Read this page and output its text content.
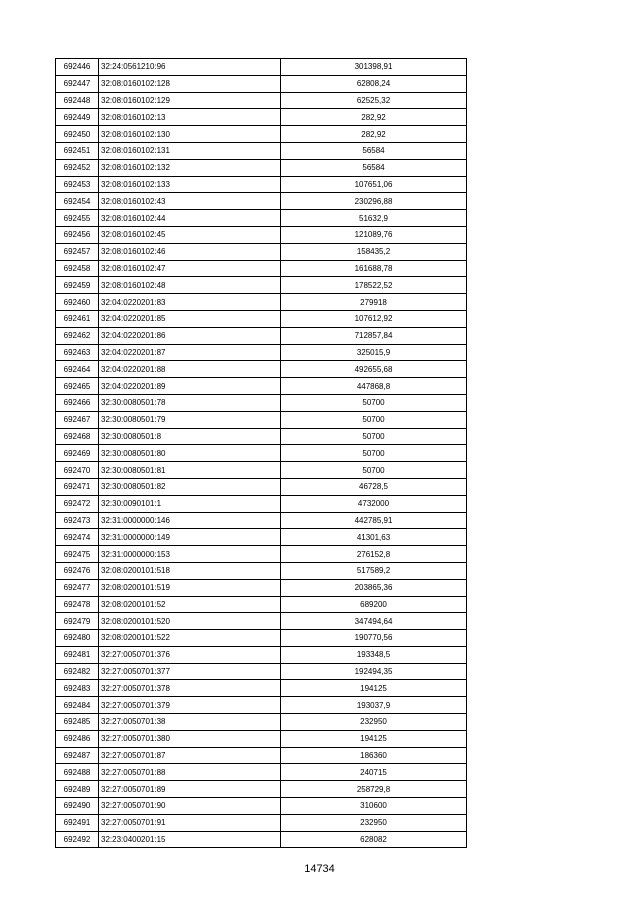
692446	32:24:0561210:96	301398,91
692447	32:08:0160102:128	62808,24
692448	32:08:0160102:129	62525,32
692449	32:08:0160102:13	282,92
692450	32:08:0160102:130	282,92
692451	32:08:0160102:131	56584
692452	32:08:0160102:132	56584
692453	32:08:0160102:133	107651,06
692454	32:08:0160102:43	230296,88
692455	32:08:0160102:44	51632,9
692456	32:08:0160102:45	121089,76
692457	32:08:0160102:46	158435,2
692458	32:08:0160102:47	161688,78
692459	32:08:0160102:48	178522,52
692460	32:04:0220201:83	279918
692461	32:04:0220201:85	107612,92
692462	32:04:0220201:86	712857,84
692463	32:04:0220201:87	325015,9
692464	32:04:0220201:88	492655,68
692465	32:04:0220201:89	447868,8
692466	32:30:0080501:78	50700
692467	32:30:0080501:79	50700
692468	32:30:0080501:8	50700
692469	32:30:0080501:80	50700
692470	32:30:0080501:81	50700
692471	32:30:0080501:82	46728,5
692472	32:30:0090101:1	4732000
692473	32:31:0000000:146	442785,91
692474	32:31:0000000:149	41301,63
692475	32:31:0000000:153	276152,8
692476	32:08:0200101:518	517589,2
692477	32:08:0200101:519	203865,36
692478	32:08:0200101:52	689200
692479	32:08:0200101:520	347494,64
692480	32:08:0200101:522	190770,56
692481	32:27:0050701:376	193348,5
692482	32:27:0050701:377	192494,35
692483	32:27:0050701:378	194125
692484	32:27:0050701:379	193037,9
692485	32:27:0050701:38	232950
692486	32:27:0050701:380	194125
692487	32:27:0050701:87	186360
692488	32:27:0050701:88	240715
692489	32:27:0050701:89	258729,8
692490	32:27:0050701:90	310600
692491	32:27:0050701:91	232950
692492	32:23:0400201:15	628082
14734
